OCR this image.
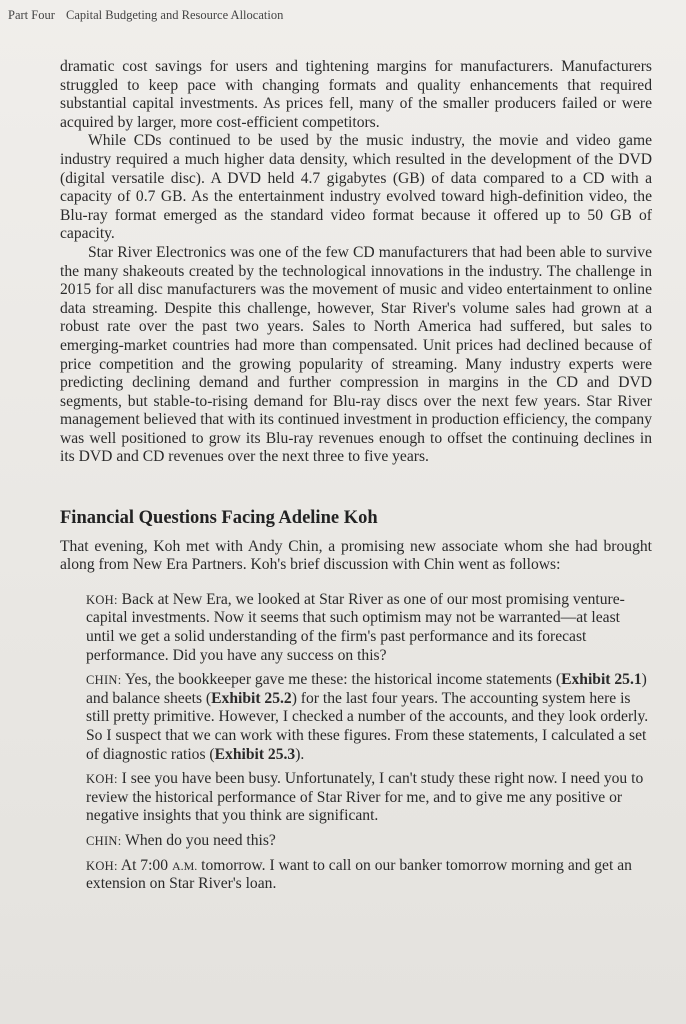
Part Four Capital Budgeting and Resource Allocation

dramatic cost savings for users and tightening margins for manufacturers. Manufacturers struggled to keep pace with changing formats and quality enhancements that required substantial capital investments. As prices fell, many of the smaller producers failed or were acquired by larger, more cost-efficient competitors.

While CDs continued to be used by the music industry, the movie and video game industry required a much higher data density, which resulted in the development of the DVD (digital versatile disc). A DVD held 4.7 gigabytes (GB) of data compared to a CD with a capacity of 0.7 GB. As the entertainment industry evolved toward high-definition video, the Blu-ray format emerged as the standard video format because it offered up to 50 GB of capacity.

Star River Electronics was one of the few CD manufacturers that had been able to survive the many shakeouts created by the technological innovations in the industry. The challenge in 2015 for all disc manufacturers was the movement of music and video entertainment to online data streaming. Despite this challenge, however, Star River's volume sales had grown at a robust rate over the past two years. Sales to North America had suffered, but sales to emerging-market countries had more than compensated. Unit prices had declined because of price competition and the growing popularity of streaming. Many industry experts were predicting declining demand and further compression in margins in the CD and DVD segments, but stable-to-rising demand for Blu-ray discs over the next few years. Star River management believed that with its continued investment in production efficiency, the company was well positioned to grow its Blu-ray revenues enough to offset the continuing declines in its DVD and CD revenues over the next three to five years.

Financial Questions Facing Adeline Koh

That evening, Koh met with Andy Chin, a promising new associate whom she had brought along from New Era Partners. Koh's brief discussion with Chin went as follows:

KOH: Back at New Era, we looked at Star River as one of our most promising venture-capital investments. Now it seems that such optimism may not be warranted—at least until we get a solid understanding of the firm's past performance and its forecast performance. Did you have any success on this?

CHIN: Yes, the bookkeeper gave me these: the historical income statements (Exhibit 25.1) and balance sheets (Exhibit 25.2) for the last four years. The accounting system here is still pretty primitive. However, I checked a number of the accounts, and they look orderly. So I suspect that we can work with these figures. From these statements, I calculated a set of diagnostic ratios (Exhibit 25.3).

KOH: I see you have been busy. Unfortunately, I can't study these right now. I need you to review the historical performance of Star River for me, and to give me any positive or negative insights that you think are significant.

CHIN: When do you need this?

KOH: At 7:00 A.M. tomorrow. I want to call on our banker tomorrow morning and get an extension on Star River's loan.
